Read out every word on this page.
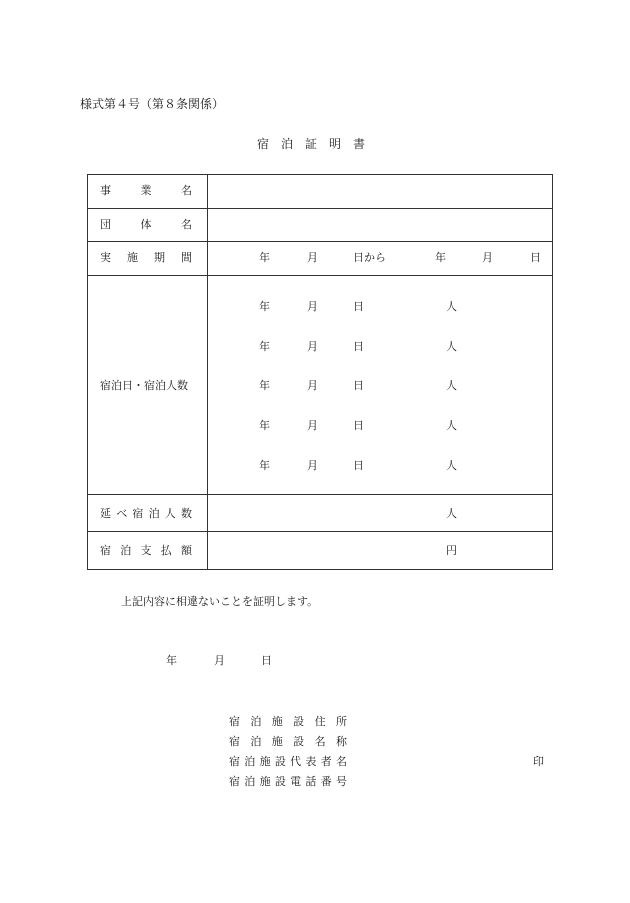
様式第４号（第８条関係）
宿　泊　証　明　書
事	業	名
団	体	名
実 施 期 間	年	月	日から	年	月	日
宿泊日・宿泊人数
年	月	日	人
年	月	日	人
年	月	日	人
年	月	日	人
年	月	日	人
延 べ 宿 泊 人 数	人
宿 泊 支 払 額	円
上記内容に相違ないことを証明します。
年	月	日
宿 泊 施 設 住 所
宿 泊 施 設 名 称
宿 泊 施 設 代 表 者 名	印
宿 泊 施 設 電 話 番 号
